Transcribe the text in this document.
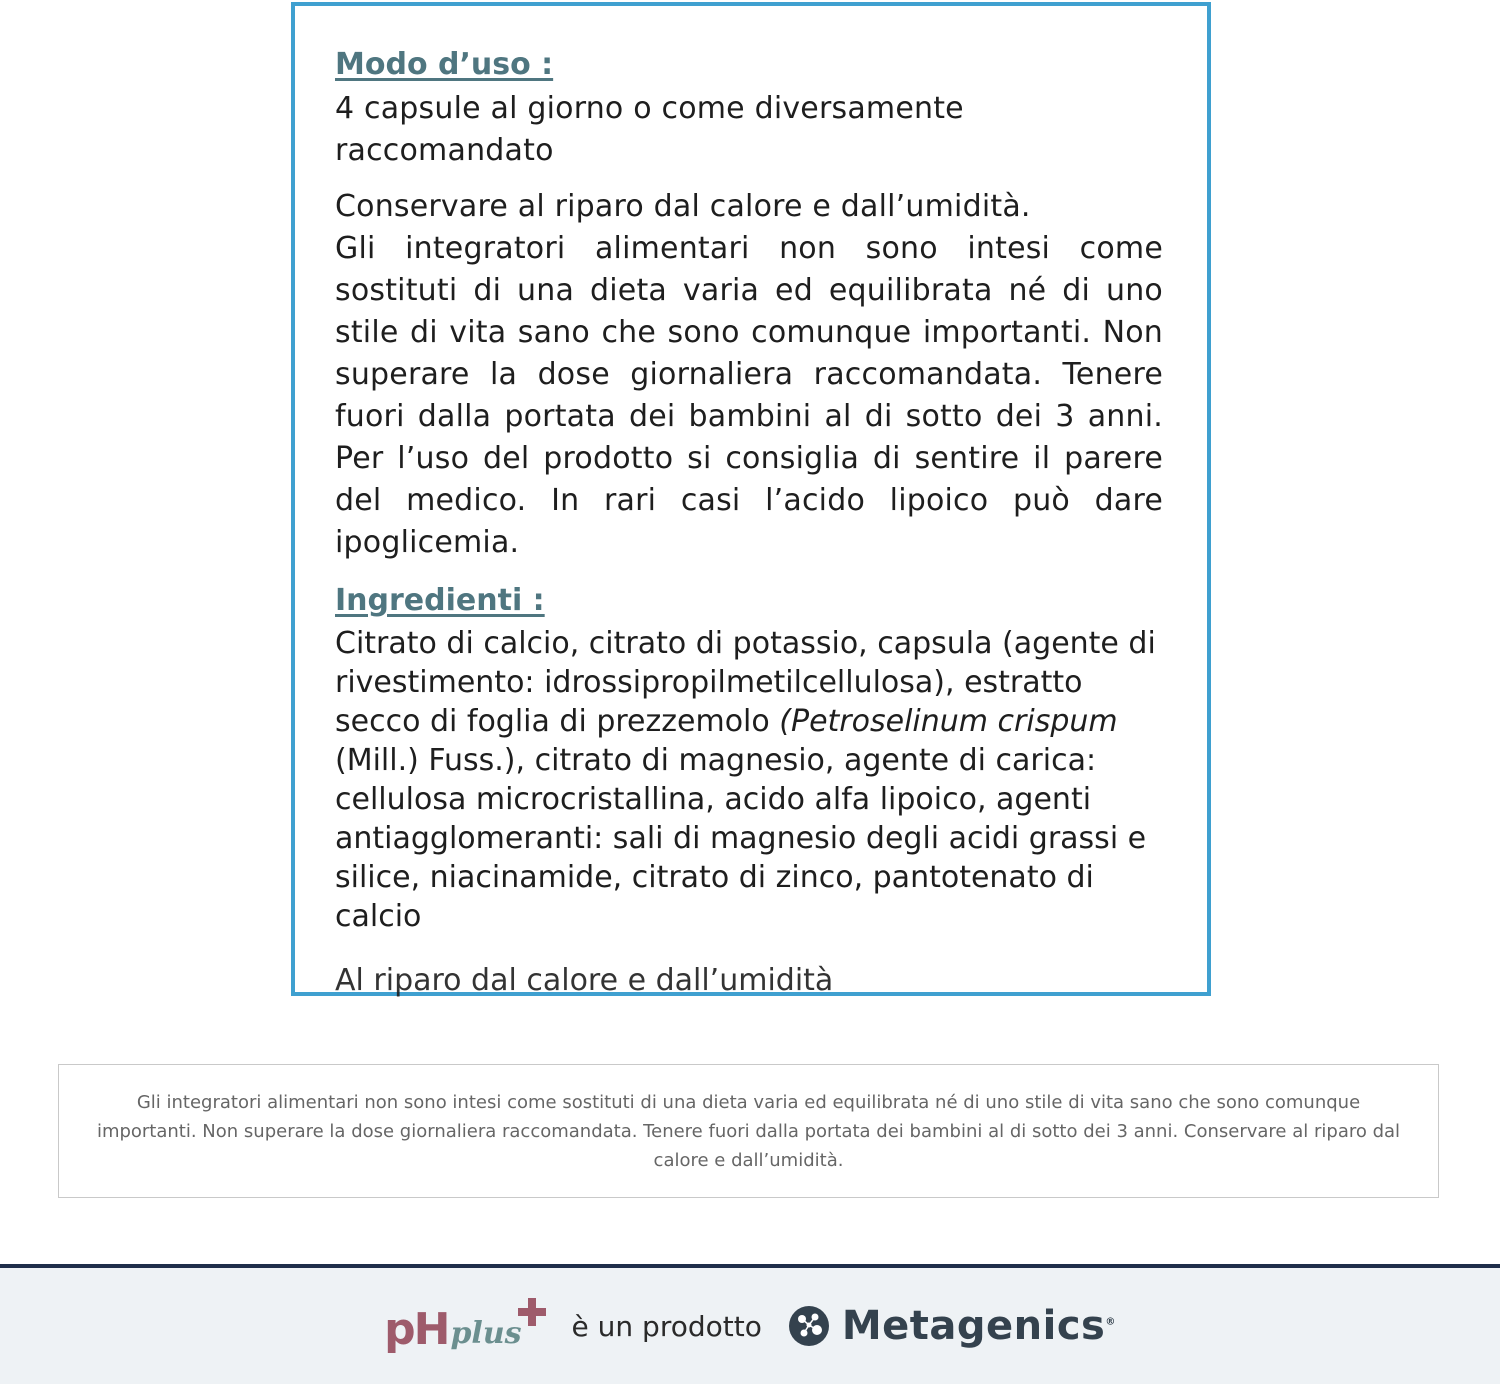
Modo d’uso :

4 capsule al giorno o come diversamente raccomandato

Conservare al riparo dal calore e dall’umidità.

Gli integratori alimentari non sono intesi come sostituti di una dieta varia ed equilibrata né di uno stile di vita sano che sono comunque importanti. Non superare la dose giornaliera raccomandata. Tenere fuori dalla portata dei bambini al di sotto dei 3 anni. Per l’uso del prodotto si consiglia di sentire il parere del medico. In rari casi l’acido lipoico può dare ipoglicemia.

Ingredienti :

Citrato di calcio, citrato di potassio, capsula (agente di rivestimento: idrossipropilmetilcellulosa), estratto secco di foglia di prezzemolo (Petroselinum crispum (Mill.) Fuss.), citrato di magnesio, agente di carica: cellulosa microcristallina, acido alfa lipoico, agenti antiagglomeranti: sali di magnesio degli acidi grassi e silice, niacinamide, citrato di zinco, pantotenato di calcio

Al riparo dal calore e dall’umidità

Gli integratori alimentari non sono intesi come sostituti di una dieta varia ed equilibrata né di uno stile di vita sano che sono comunque importanti. Non superare la dose giornaliera raccomandata. Tenere fuori dalla portata dei bambini al di sotto dei 3 anni. Conservare al riparo dal calore e dall’umidità.

pH plus è un prodotto Metagenics®
